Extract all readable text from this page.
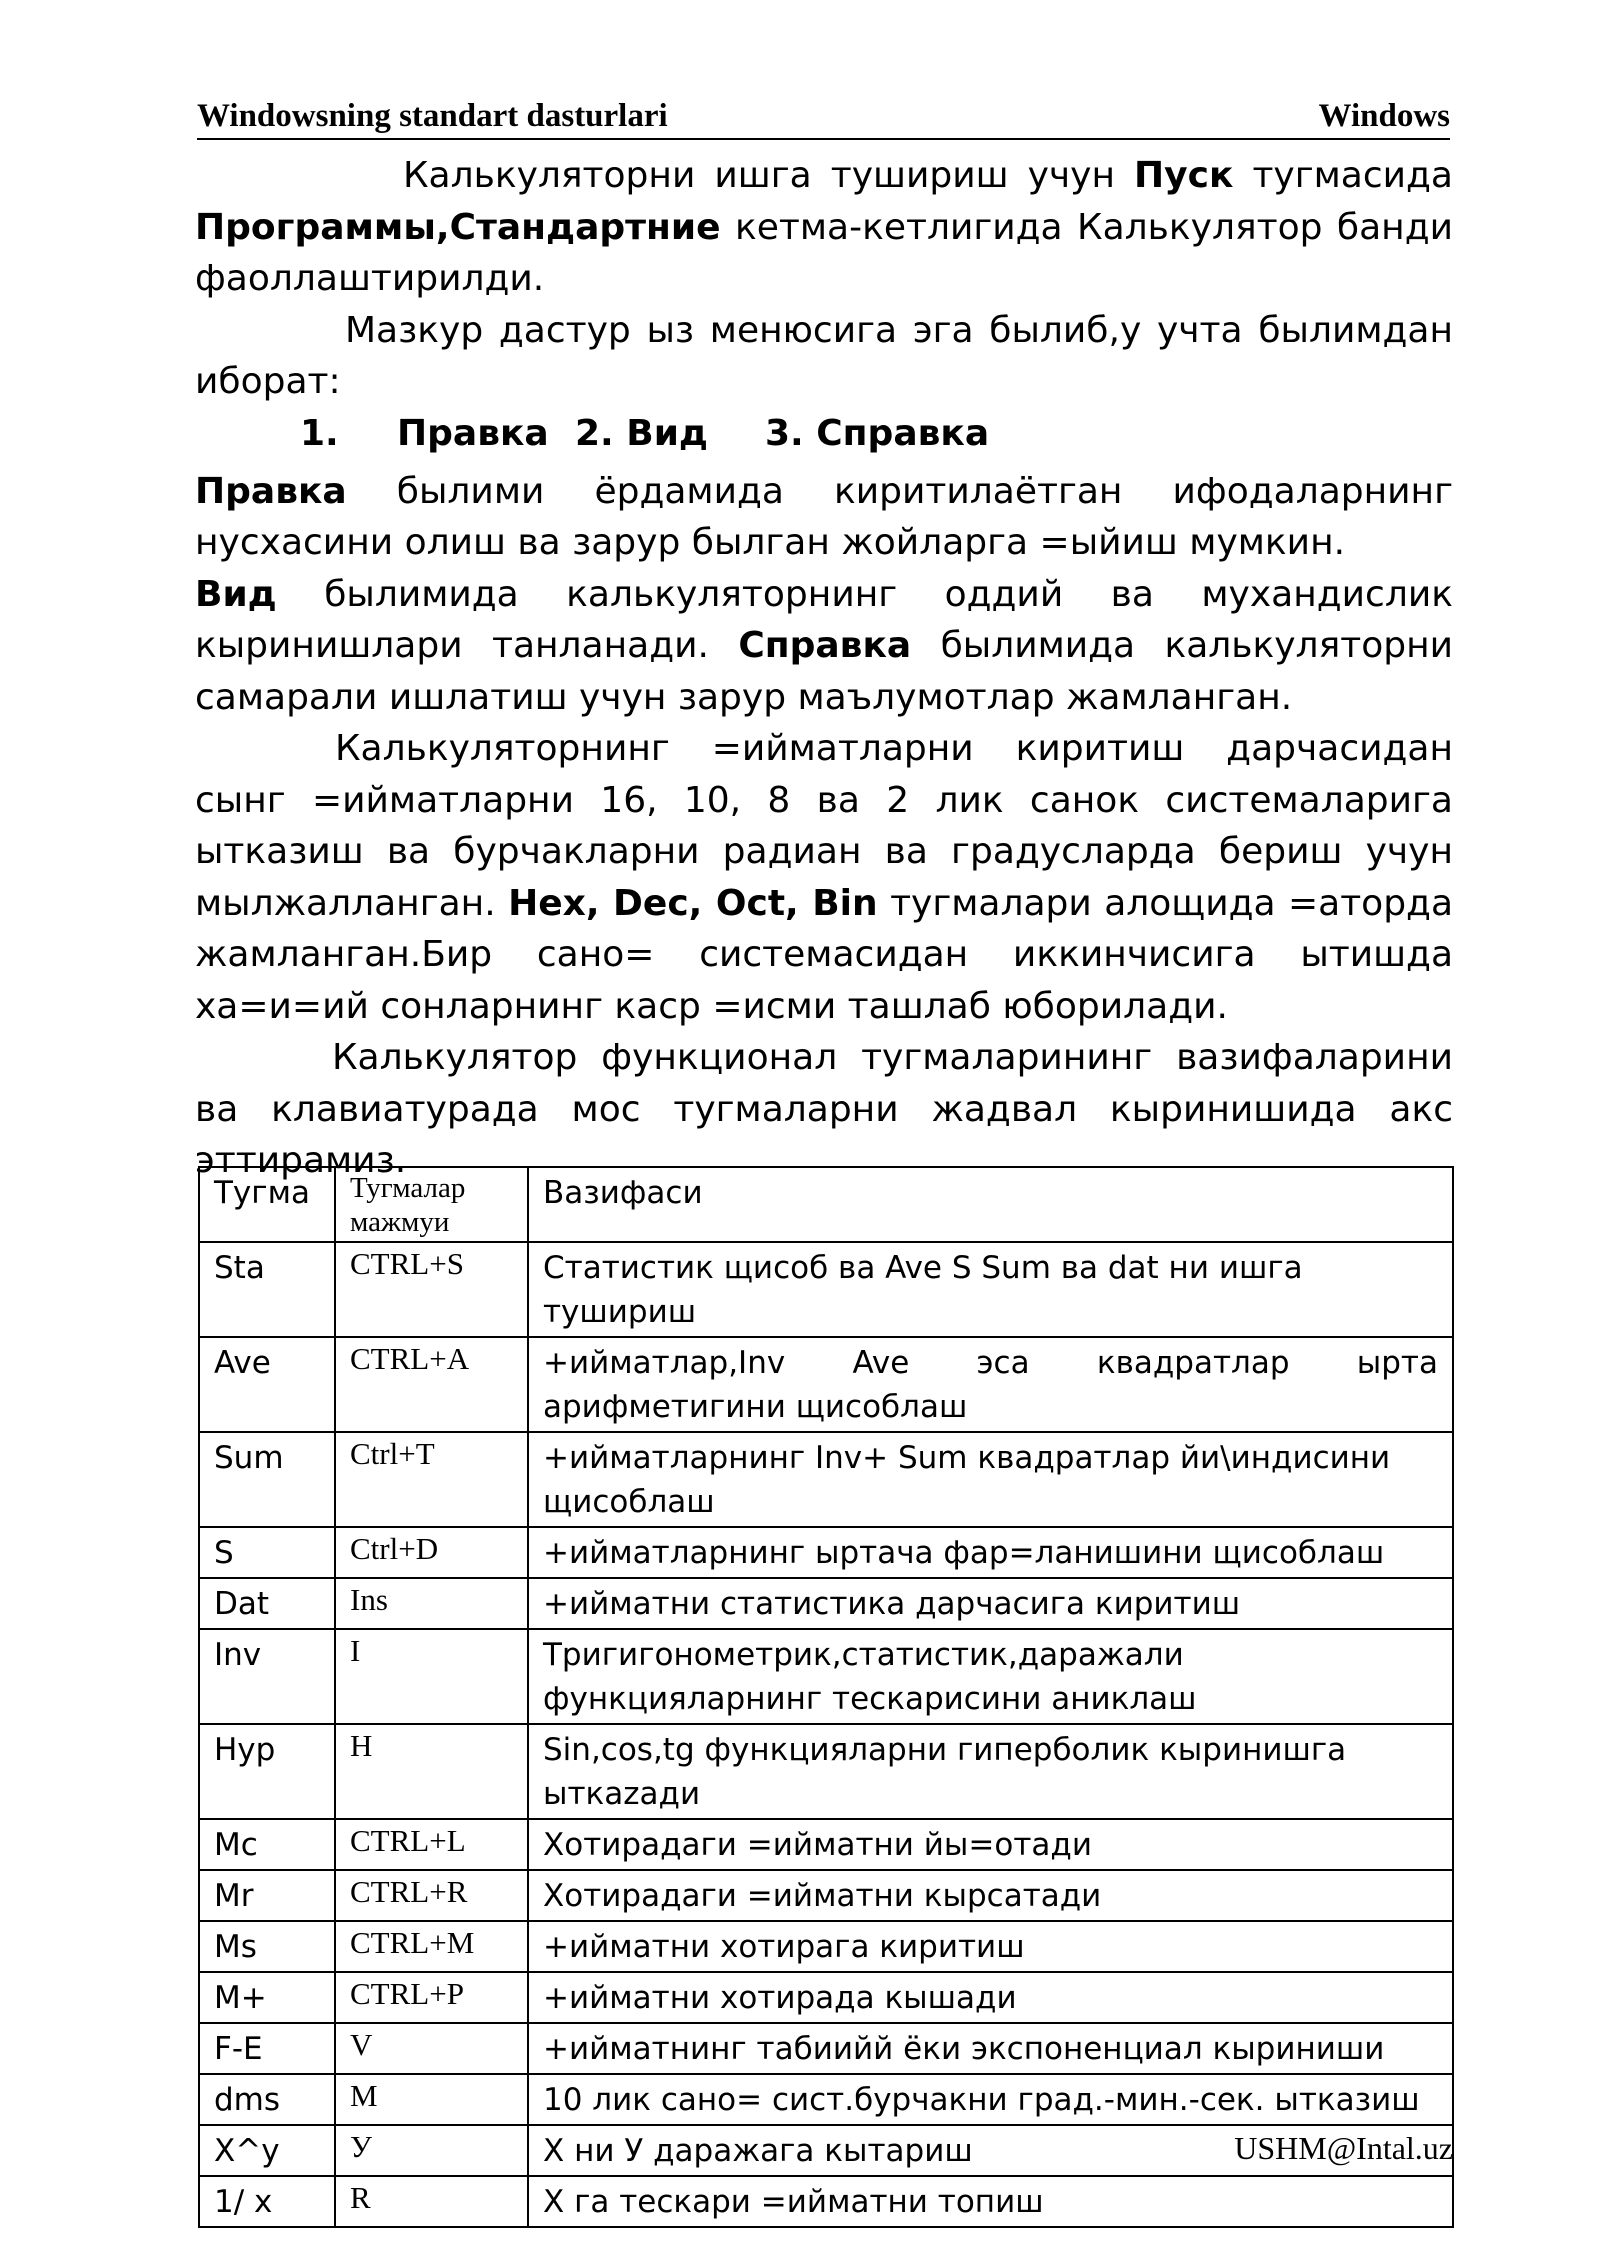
Windowsning standart dasturlari	Windows

Калькуляторни ишга тушириш учун Пуск тугмасида Программы,Стандартние кетма-кетлигида Калькулятор банди фаоллаштирилди.

Мазкур дастур ыз менюсига эга былиб,у учта былимдан иборат:

1. Правка 2. Вид 3. Справка

Правка былими ёрдамида киритилаётган ифодаларнинг нусхасини олиш ва зарур былган жойларга =ыйиш мумкин.

Вид былимида калькуляторнинг оддий ва мухандислик кыринишлари танланади. Справка былимида калькуляторни самарали ишлатиш учун зарур маълумотлар жамланган.

Калькуляторнинг =ийматларни киритиш дарчасидан сынг =ийматларни 16, 10, 8 ва 2 лик санок системаларига ытказиш ва бурчакларни радиан ва градусларда бериш учун мылжалланган. Hex, Dec, Oct, Bin тугмалари алощида =аторда жамланган.Бир сано= системасидан иккинчисига ытишда ха=и=ий сонларнинг каср =исми ташлаб юборилади.

Калькулятор функционал тугмаларининг вазифаларини ва клавиатурада мос тугмаларни жадвал кыринишида акс эттирамиз.

Тугма	Тугмалар мажмуи	Вазифаси
Sta	CTRL+S	Статистик щисоб ва Ave S Sum ва dat ни ишга тушириш
Ave	CTRL+A	+ийматлар,Inv Ave эса квадратлар ырта арифметигини щисоблаш
Sum	Ctrl+T	+ийматларнинг Inv+ Sum квадратлар йи\индисини щисоблаш
S	Ctrl+D	+ийматларнинг ыртача фар=ланишини щисоблаш
Dat	Ins	+ийматни статистика дарчасига киритиш
Inv	I	Тригигонометрик,статистик,даражали функцияларнинг тескарисини аниклаш
Hyp	H	Sin,cos,tg функцияларни гиперболик кыринишга ыткazади
Mc	CTRL+L	Хотирадаги =ийматни йы=отади
Mr	CTRL+R	Хотирадаги =ийматни кырсатади
Ms	CTRL+M	+ийматни хотирага киритиш
M+	CTRL+P	+ийматни хотирада кышади
F-E	V	+ийматнинг табиийй ёки экспоненциал кыриниши
dms	M	10 лик сано= сист.бурчакни град.-мин.-сек. ыткaзиш
X^y	У	Х ни У даражага кытариш
1/ x	R	Х га тескари =ийматни топиш
USHM@Intal.uz
